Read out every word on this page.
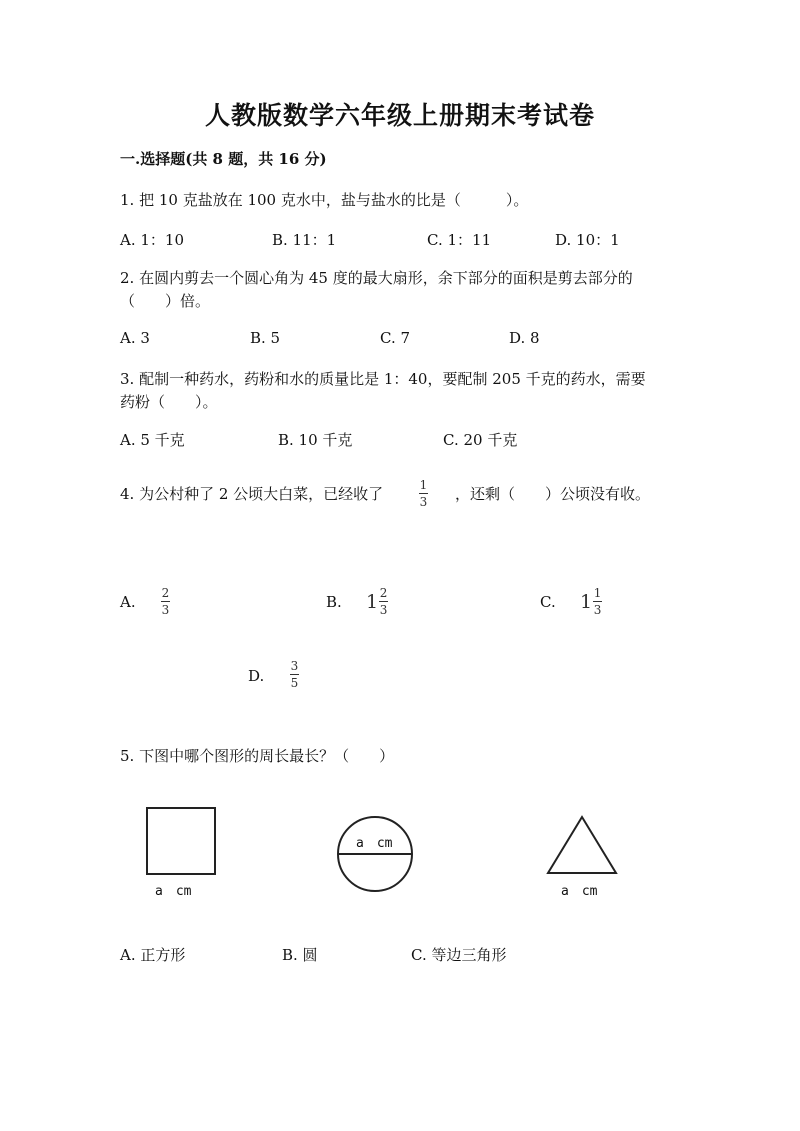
人教版数学六年级上册期末考试卷
一.选择题(共 8 题，共 16 分)
1. 把 10 克盐放在 100 克水中，盐与盐水的比是（　　　）。
A. 1：10	B. 11：1	C. 1：11	D. 10：1
2. 在圆内剪去一个圆心角为 45 度的最大扇形，余下部分的面积是剪去部分的
（　　）倍。
A. 3	B. 5	C. 7	D. 8
3. 配制一种药水，药粉和水的质量比是 1：40，要配制 205 千克的药水，需要
药粉（　　）。
A. 5 千克	B. 10 千克	C. 20 千克
4. 为公村种了 2 公顷大白菜，已经收了	1
3 ，还剩（　　）公顷没有收。
A. 2
3	B. $1 \frac{2}{3}$	C. $1 \frac{1}{3}$
D.
3
5
5. 下图中哪个图形的周长最长？（　　）
a　cm
a　cm
a　cm
A. 正方形	B. 圆	C. 等边三角形
